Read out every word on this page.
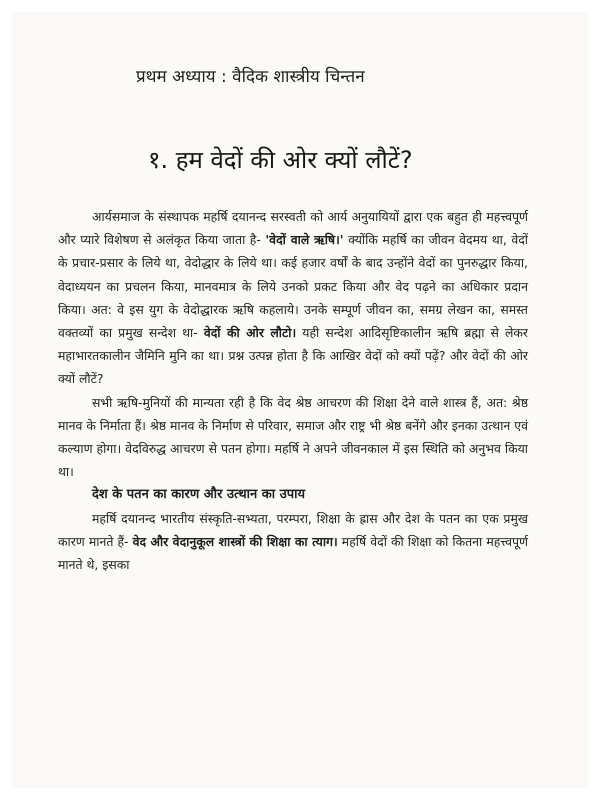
प्रथम अध्याय : वैदिक शास्त्रीय चिन्तन
१. हम वेदों की ओर क्यों लौटें?

आर्यसमाज के संस्थापक महर्षि दयानन्द सरस्वती को आर्य अनुयायियों द्वारा एक बहुत ही महत्त्वपूर्ण और प्यारे विशेषण से अलंकृत किया जाता है- 'वेदों वाले ऋषि।' क्योंकि महर्षि का जीवन वेदमय था, वेदों के प्रचार-प्रसार के लिये था, वेदोद्धार के लिये था। कई हजार वर्षों के बाद उन्होंने वेदों का पुनरुद्धार किया, वेदाध्ययन का प्रचलन किया, मानवमात्र के लिये उनको प्रकट किया और वेद पढ़ने का अधिकार प्रदान किया। अत: वे इस युग के वेदोद्धारक ऋषि कहलाये। उनके सम्पूर्ण जीवन का, समग्र लेखन का, समस्त वक्तव्यों का प्रमुख सन्देश था- वेदों की ओर लौटो। यही सन्देश आदिसृष्टिकालीन ऋषि ब्रह्मा से लेकर महाभारतकालीन जैमिनि मुनि का था। प्रश्न उत्पन्न होता है कि आखिर वेदों को क्यों पढ़ें? और वेदों की ओर क्यों लौटें?

सभी ऋषि-मुनियों की मान्यता रही है कि वेद श्रेष्ठ आचरण की शिक्षा देने वाले शास्त्र हैं, अत: श्रेष्ठ मानव के निर्माता हैं। श्रेष्ठ मानव के निर्माण से परिवार, समाज और राष्ट्र भी श्रेष्ठ बनेंगे और इनका उत्थान एवं कल्याण होगा। वेदविरुद्ध आचरण से पतन होगा। महर्षि ने अपने जीवनकाल में इस स्थिति को अनुभव किया था।

देश के पतन का कारण और उत्थान का उपाय

महर्षि दयानन्द भारतीय संस्कृति-सभ्यता, परम्परा, शिक्षा के ह्रास और देश के पतन का एक प्रमुख कारण मानते हैं- वेद और वेदानुकूल शास्त्रों की शिक्षा का त्याग। महर्षि वेदों की शिक्षा को कितना महत्त्वपूर्ण मानते थे, इसका
